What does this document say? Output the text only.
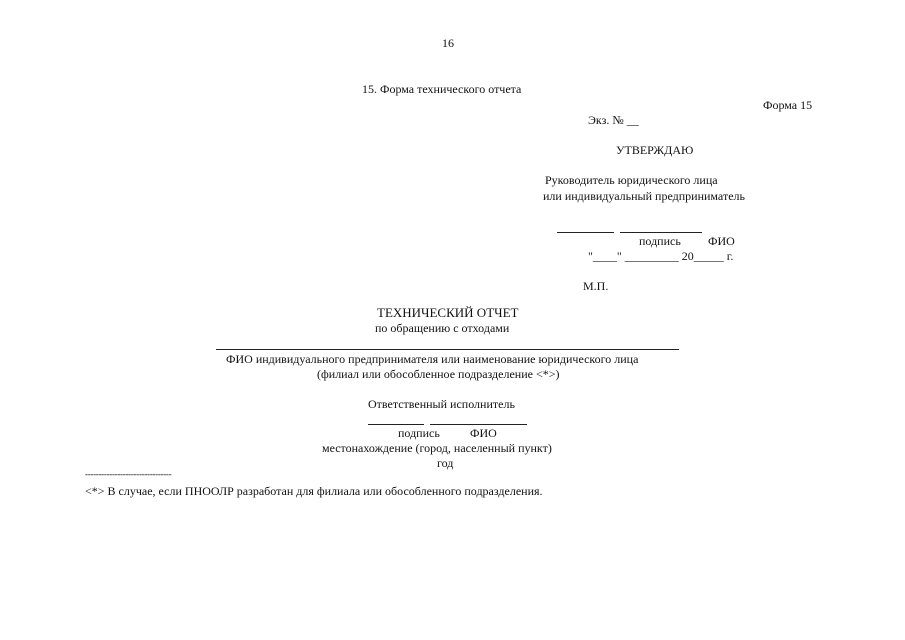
16
15. Форма технического отчета
Форма 15
Экз. № __
УТВЕРЖДАЮ
Руководитель юридического лица
или индивидуальный предприниматель
подпись ФИО
"____" _________ 20_____ г.
М.П.
ТЕХНИЧЕСКИЙ ОТЧЕТ
по обращению с отходами
ФИО индивидуального предпринимателя или наименование юридического лица
(филиал или обособленное подразделение <*>)
Ответственный исполнитель
подпись	ФИО
местонахождение (город, населенный пункт)
год
--------------------------------
<*> В случае, если ПНООЛР разработан для филиала или обособленного подразделения.
